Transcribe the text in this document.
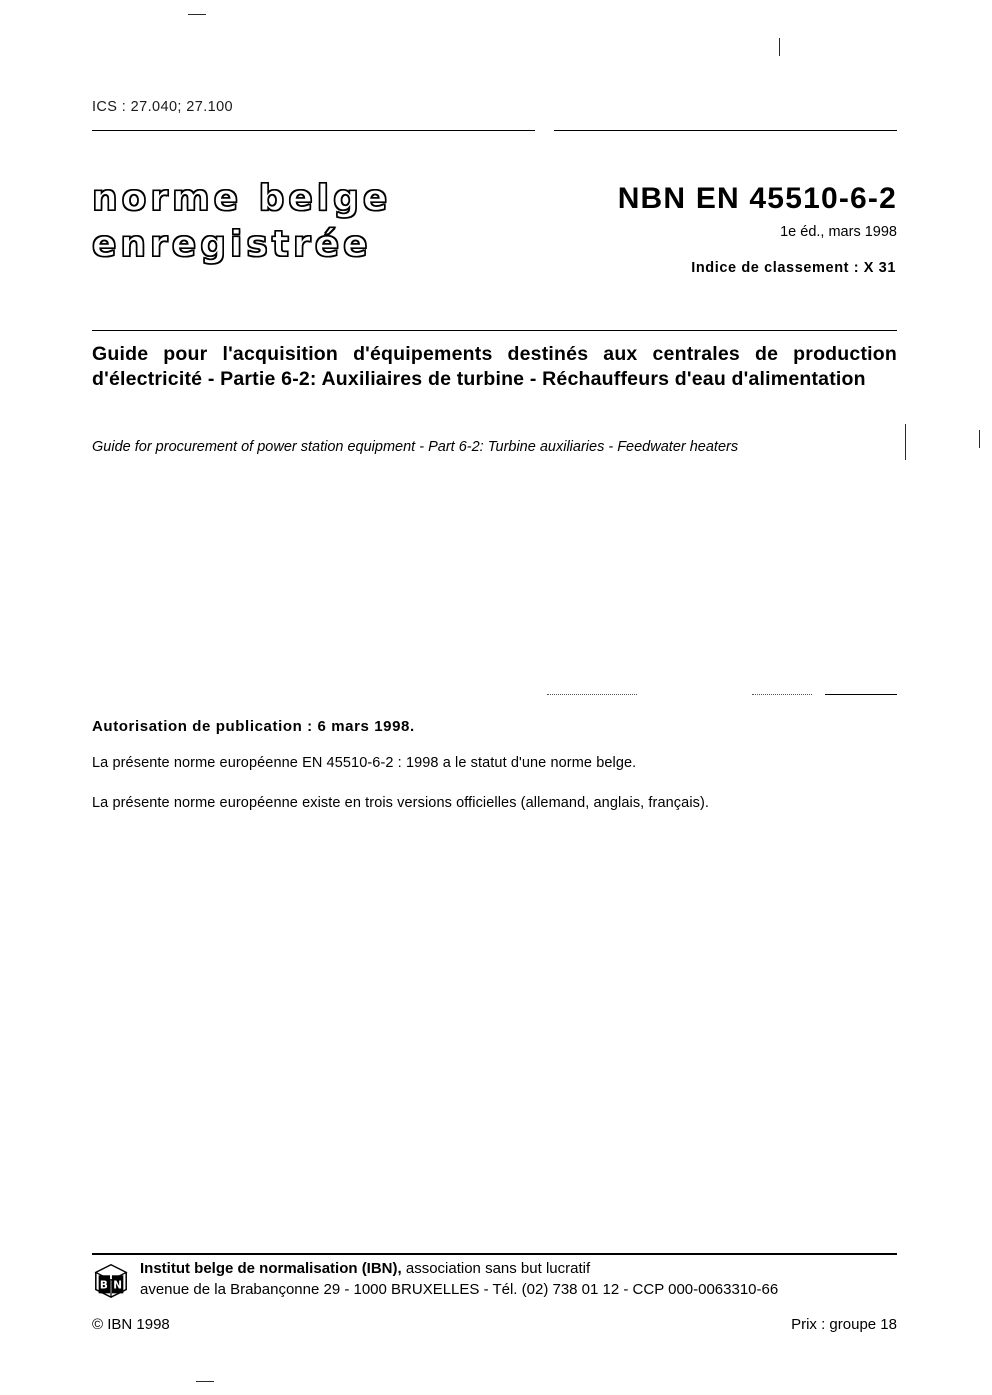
ICS : 27.040; 27.100
norme belge
enregistrée
NBN EN 45510-6-2
1e éd., mars 1998
Indice de classement : X 31
Guide pour l'acquisition d'équipements destinés aux centrales de production d'électricité - Partie 6-2: Auxiliaires de turbine - Réchauffeurs d'eau d'alimentation
Guide for procurement of power station equipment - Part 6-2: Turbine auxiliaries - Feedwater heaters
Autorisation de publication : 6 mars 1998.
La présente norme européenne EN 45510-6-2 : 1998 a le statut d'une norme belge.
La présente norme européenne existe en trois versions officielles (allemand, anglais, français).
B N
Institut belge de normalisation (IBN), association sans but lucratif
avenue de la Brabançonne 29 - 1000 BRUXELLES - Tél. (02) 738 01 12 - CCP 000-0063310-66
© IBN 1998	Prix : groupe 18
